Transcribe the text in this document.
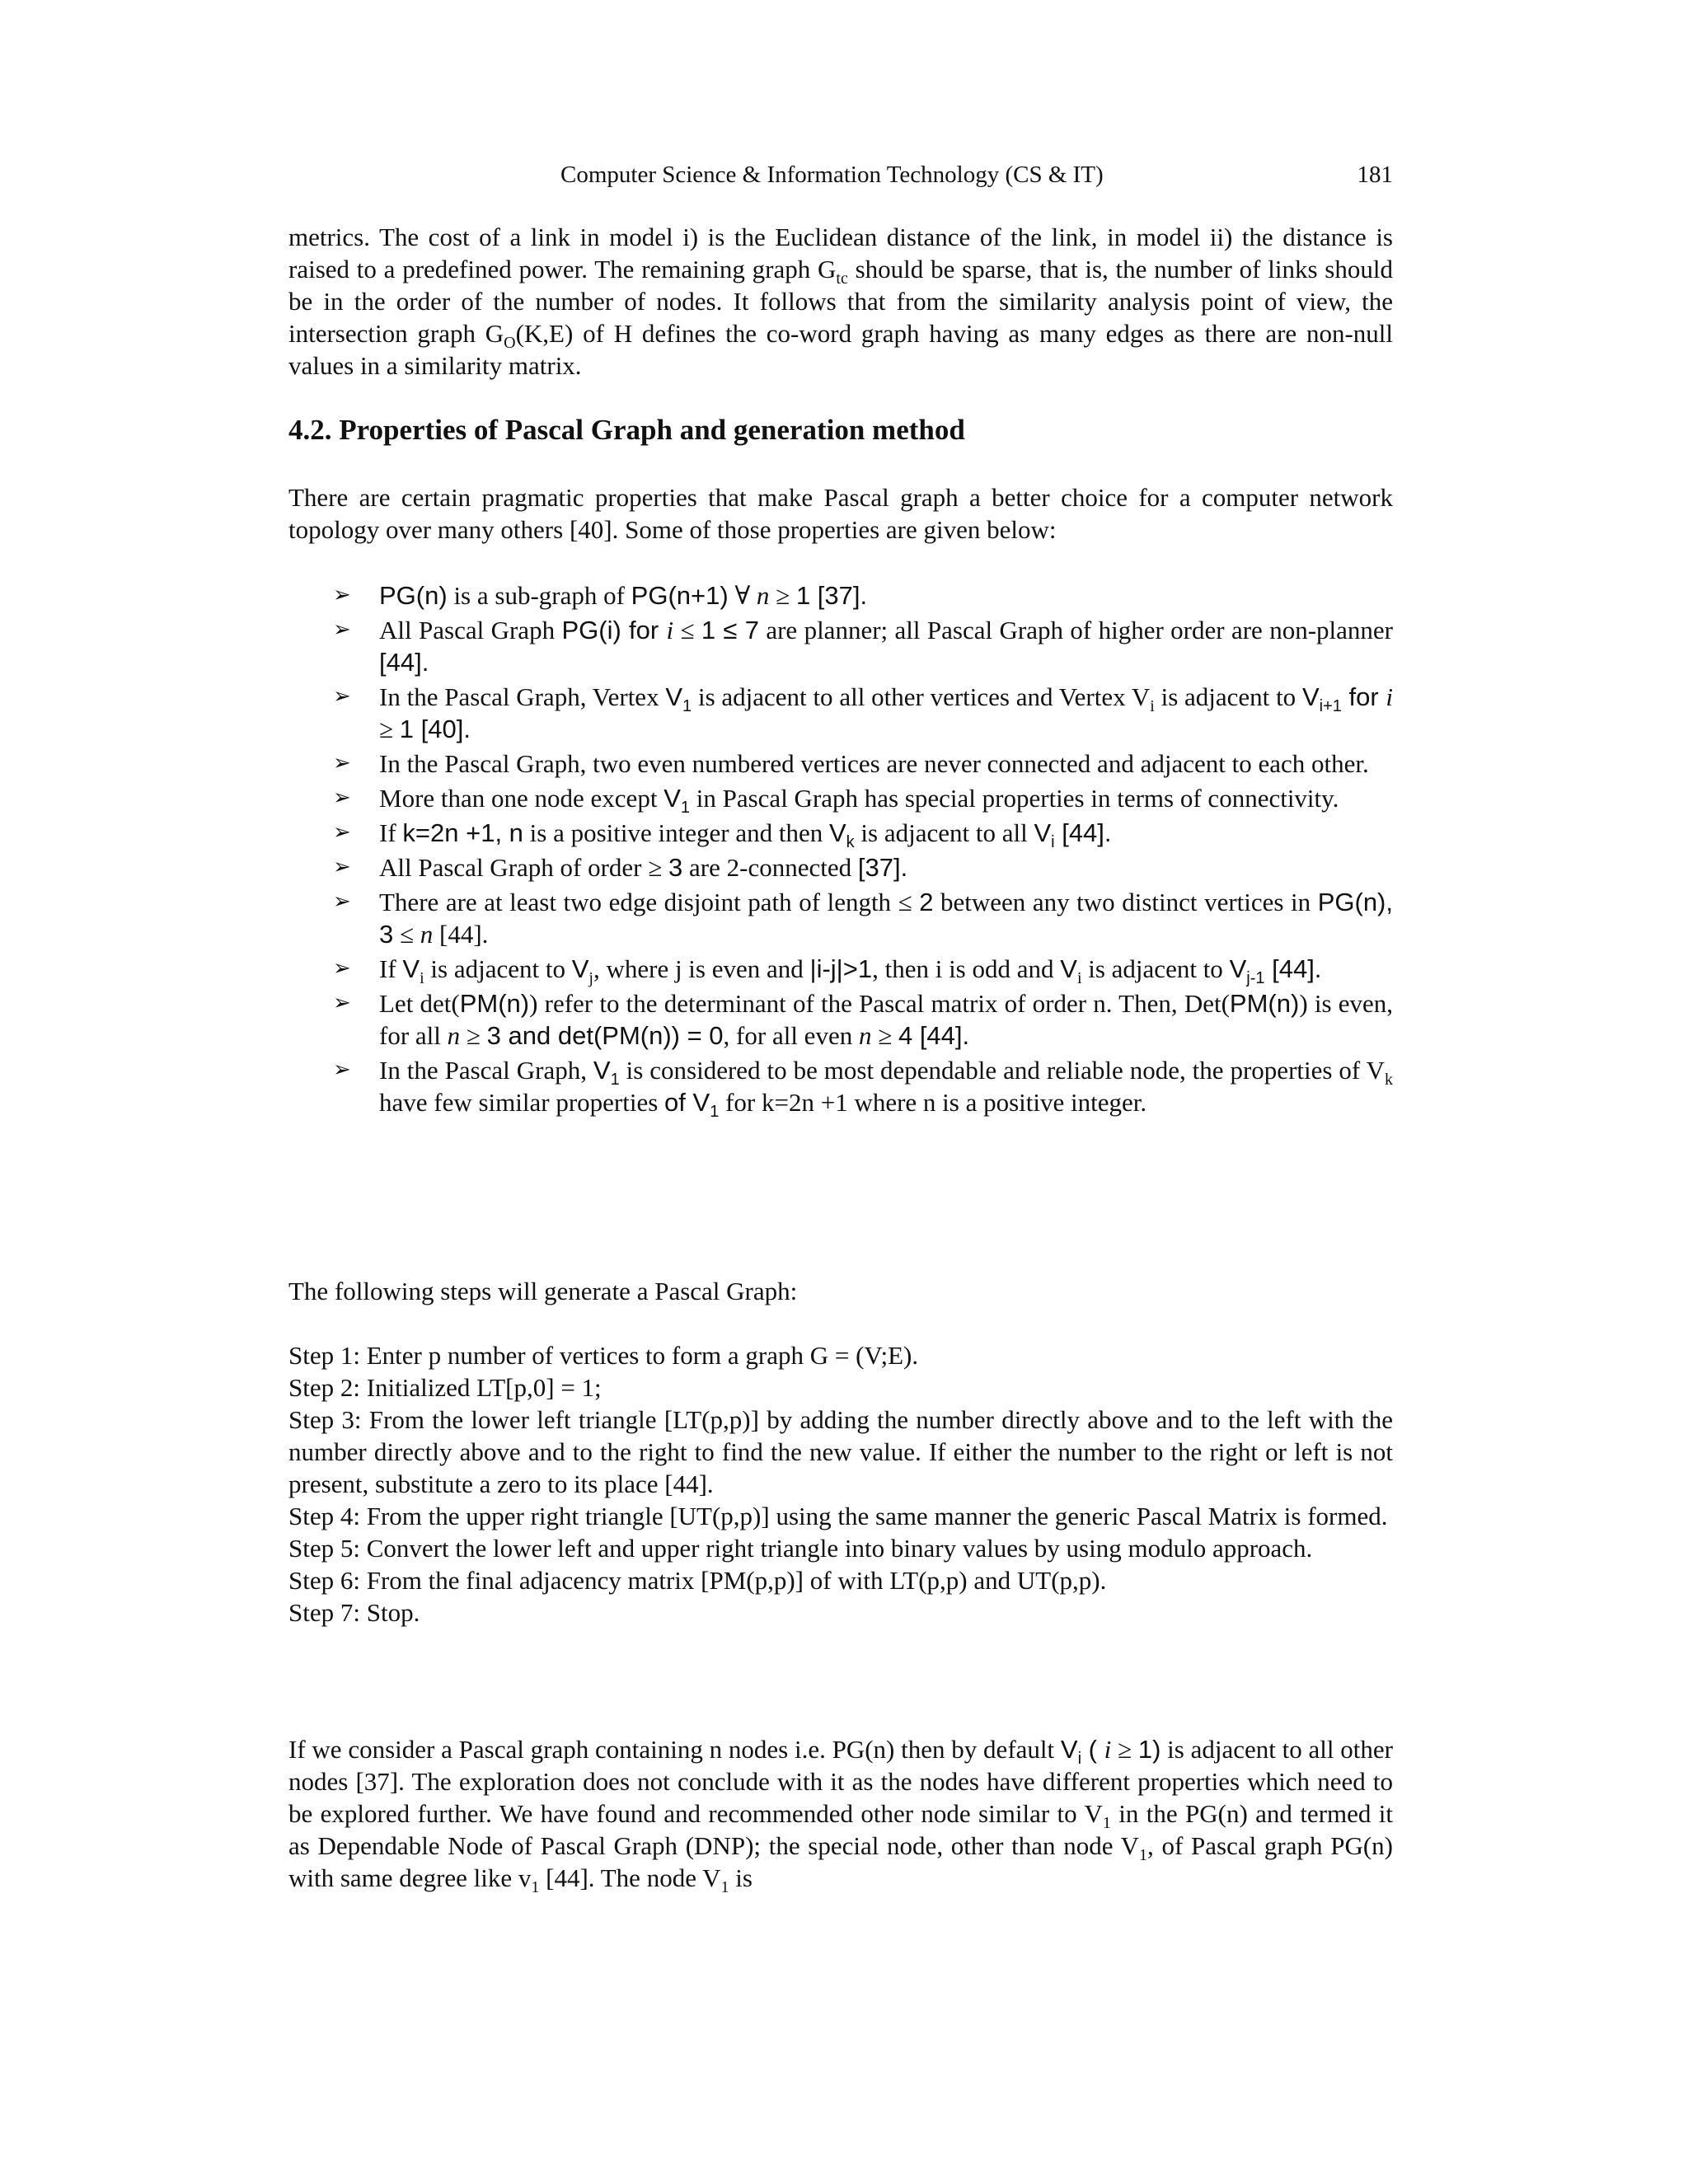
Computer Science & Information Technology (CS & IT)	181

metrics. The cost of a link in model i) is the Euclidean distance of the link, in model ii) the distance is raised to a predefined power. The remaining graph $G_{tc}$ should be sparse, that is, the number of links should be in the order of the number of nodes. It follows that from the similarity analysis point of view, the intersection graph $G_O(K,E)$ of H defines the co-word graph having as many edges as there are non-null values in a similarity matrix.

4.2. Properties of Pascal Graph and generation method

There are certain pragmatic properties that make Pascal graph a better choice for a computer network topology over many others [40]. Some of those properties are given below:

➢ PG(n) is a sub-graph of PG(n+1) ∀ n ≥ 1 [37].
➢ All Pascal Graph PG(i) for i ≤ 1 ≤ 7 are planner; all Pascal Graph of higher order are non-planner [44].
➢ In the Pascal Graph, Vertex $V_1$ is adjacent to all other vertices and Vertex $V_i$ is adjacent to $V_{i+1}$ for i ≥ 1 [40].
➢ In the Pascal Graph, two even numbered vertices are never connected and adjacent to each other.
➢ More than one node except $V_1$ in Pascal Graph has special properties in terms of connectivity.
➢ If k=2n +1, n is a positive integer and then $V_k$ is adjacent to all $V_i$ [44].
➢ All Pascal Graph of order ≥ 3 are 2-connected [37].
➢ There are at least two edge disjoint path of length ≤ 2 between any two distinct vertices in PG(n), 3 ≤ n [44].
➢ If $V_i$ is adjacent to $V_j$, where j is even and |i-j|>1, then i is odd and $V_i$ is adjacent to $V_{j-1}$ [44].
➢ Let det(PM(n)) refer to the determinant of the Pascal matrix of order n. Then, Det(PM(n)) is even, for all n ≥ 3 and det(PM(n)) = 0, for all even n ≥ 4 [44].
➢ In the Pascal Graph, $V_1$ is considered to be most dependable and reliable node, the properties of $V_k$ have few similar properties of $V_1$ for k=2n +1 where n is a positive integer.

The following steps will generate a Pascal Graph:

Step 1: Enter p number of vertices to form a graph G = (V;E).

Step 2: Initialized LT[p,0] = 1;

Step 3: From the lower left triangle [LT(p,p)] by adding the number directly above and to the left with the number directly above and to the right to find the new value. If either the number to the right or left is not present, substitute a zero to its place [44].

Step 4: From the upper right triangle [UT(p,p)] using the same manner the generic Pascal Matrix is formed.

Step 5: Convert the lower left and upper right triangle into binary values by using modulo approach.

Step 6: From the final adjacency matrix [PM(p,p)] of with LT(p,p) and UT(p,p).

Step 7: Stop.

If we consider a Pascal graph containing n nodes i.e. PG(n) then by default $V_i$ ( i ≥ 1) is adjacent to all other nodes [37]. The exploration does not conclude with it as the nodes have different properties which need to be explored further. We have found and recommended other node similar to $V_1$ in the PG(n) and termed it as Dependable Node of Pascal Graph (DNP); the special node, other than node $V_1$, of Pascal graph PG(n) with same degree like $v_1$ [44]. The node $V_1$ is
